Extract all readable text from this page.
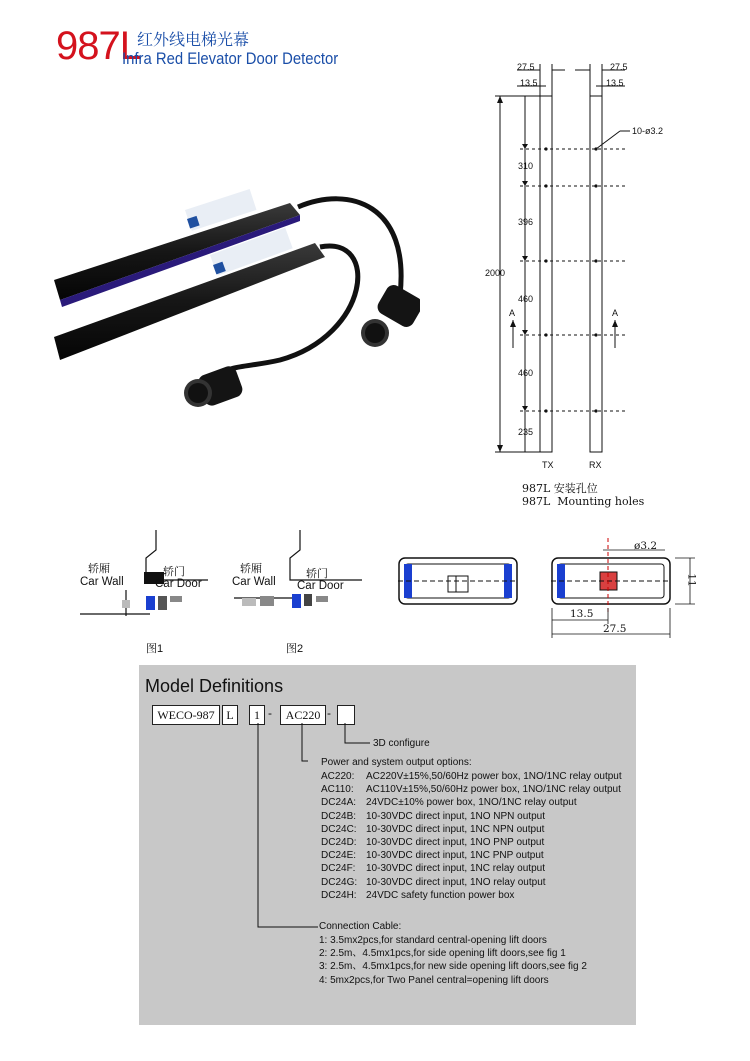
987L
红外线电梯光幕
Infra Red Elevator Door Detector	27.5	27.5
13.5	13.5
10-ø3.2
2000
310
396
460
460
235
A	A
TX	RX
987L 安装孔位
987L  Mounting holes
轿厢
Car Wall
轿门
Car Door
图1
轿厢
Car Wall
轿门
Car Door
图2
ø3.2
11
13.5
27.5
Model Definitions
WECO-987 L	1 -	AC220 -
3D configure
Power and system output options:
AC220: AC220V±15%,50/60Hz power box, 1NO/1NC relay output
AC110: AC110V±15%,50/60Hz power box, 1NO/1NC relay output
DC24A: 24VDC±10% power box, 1NO/1NC relay output
DC24B: 10-30VDC direct input, 1NO NPN output
DC24C: 10-30VDC direct input, 1NC NPN output
DC24D: 10-30VDC direct input, 1NO PNP output
DC24E: 10-30VDC direct input, 1NC PNP output
DC24F: 10-30VDC direct input, 1NC relay output
DC24G: 10-30VDC direct input, 1NO relay output
DC24H: 24VDC safety function power box
Connection Cable:
1: 3.5mx2pcs,for standard central-opening lift doors
2: 2.5m、4.5mx1pcs,for side opening lift doors,see fig 1
3: 2.5m、4.5mx1pcs,for new side opening lift doors,see fig 2
4: 5mx2pcs,for Two Panel central=opening lift doors
